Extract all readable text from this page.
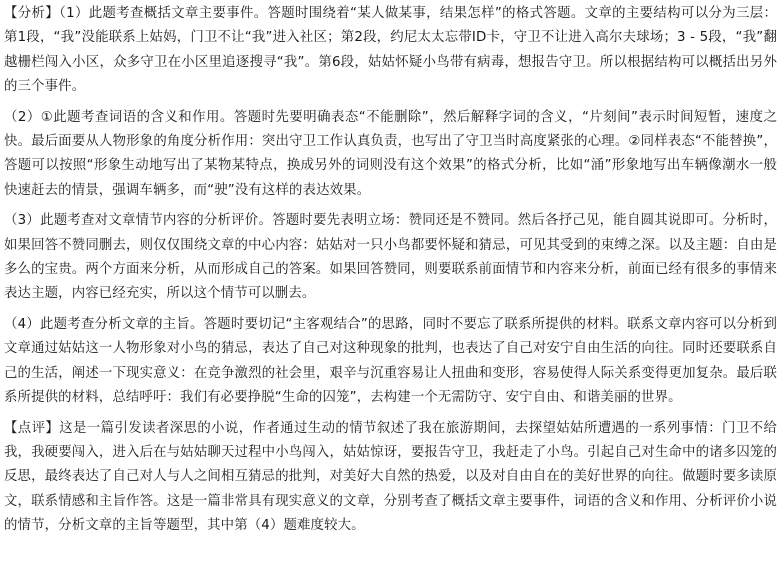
【分析】（1）此题考查概括文章主要事件。答题时围绕着“某人做某事，结果怎样”的格式答题。文章的主要结构可以分为三层：第1段，“我”没能联系上姑妈，门卫不让“我”进入社区；第2段，约尼太太忘带ID卡，守卫不让进入高尔夫球场；3 - 5段，“我”翻越栅栏闯入小区，众多守卫在小区里追逐搜寻“我”。第6段，姑姑怀疑小鸟带有病毒，想报告守卫。所以根据结构可以概括出另外的三个事件。

（2）①此题考查词语的含义和作用。答题时先要明确表态“不能删除”，然后解释字词的含义，“片刻间”表示时间短暂，速度之快。最后面要从人物形象的角度分析作用：突出守卫工作认真负责，也写出了守卫当时高度紧张的心理。②同样表态“不能替换”，答题可以按照“形象生动地写出了某物某特点，换成另外的词则没有这个效果”的格式分析，比如“涌”形象地写出车辆像潮水一般快速赶去的情景，强调车辆多，而“驶”没有这样的表达效果。

（3）此题考查对文章情节内容的分析评价。答题时要先表明立场：赞同还是不赞同。然后各抒己见，能自圆其说即可。分析时，如果回答不赞同删去，则仅仅围绕文章的中心内容：姑姑对一只小鸟都要怀疑和猜忌，可见其受到的束缚之深。以及主题：自由是多么的宝贵。两个方面来分析，从而形成自己的答案。如果回答赞同，则要联系前面情节和内容来分析，前面已经有很多的事情来表达主题，内容已经充实，所以这个情节可以删去。

（4）此题考查分析文章的主旨。答题时要切记“主客观结合”的思路，同时不要忘了联系所提供的材料。联系文章内容可以分析到文章通过姑姑这一人物形象对小鸟的猜忌，表达了自己对这种现象的批判，也表达了自己对安宁自由生活的向往。同时还要联系自己的生活，阐述一下现实意义：在竞争激烈的社会里，艰辛与沉重容易让人扭曲和变形，容易使得人际关系变得更加复杂。最后联系所提供的材料，总结呼吁：我们有必要挣脱“生命的囚笼”，去构建一个无需防守、安宁自由、和谐美丽的世界。

【点评】这是一篇引发读者深思的小说，作者通过生动的情节叙述了我在旅游期间，去探望姑姑所遭遇的一系列事情：门卫不给我，我硬要闯入，进入后在与姑姑聊天过程中小鸟闯入，姑姑惊讶，要报告守卫，我赶走了小鸟。引起自己对生命中的诸多囚笼的反思，最终表达了自己对人与人之间相互猜忌的批判，对美好大自然的热爱，以及对自由自在的美好世界的向往。做题时要多读原文，联系情感和主旨作答。这是一篇非常具有现实意义的文章，分别考查了概括文章主要事件，词语的含义和作用、分析评价小说的情节，分析文章的主旨等题型，其中第（4）题难度较大。
